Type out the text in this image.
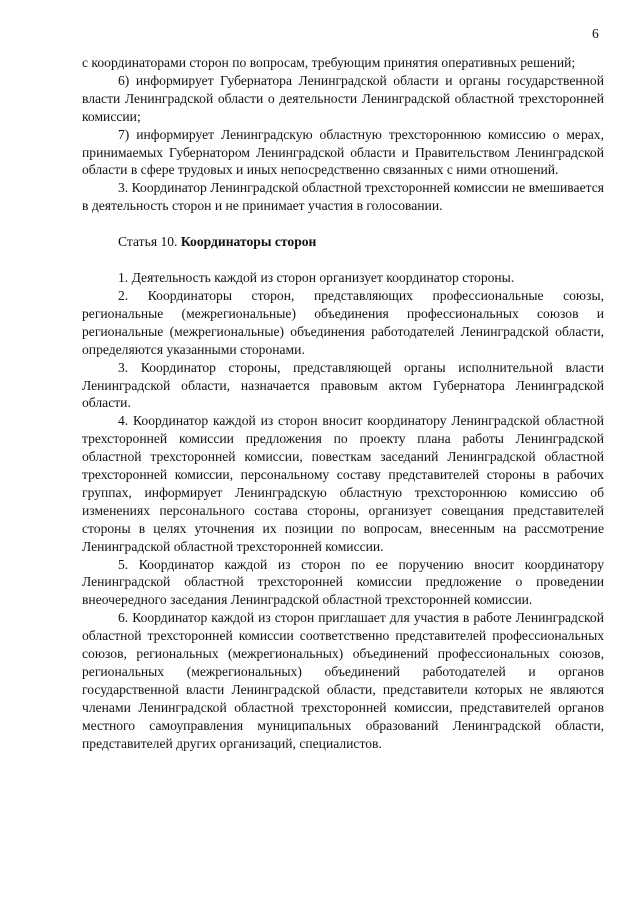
6

с координаторами сторон по вопросам, требующим принятия оперативных решений;

6) информирует Губернатора Ленинградской области и органы государственной власти Ленинградской области о деятельности Ленинградской областной трехсторонней комиссии;

7) информирует Ленинградскую областную трехстороннюю комиссию о мерах, принимаемых Губернатором Ленинградской области и Правительством Ленинградской области в сфере трудовых и иных непосредственно связанных с ними отношений.

3. Координатор Ленинградской областной трехсторонней комиссии не вмешивается в деятельность сторон и не принимает участия в голосовании.

Статья 10. Координаторы сторон

1. Деятельность каждой из сторон организует координатор стороны.

2. Координаторы сторон, представляющих профессиональные союзы, региональные (межрегиональные) объединения профессиональных союзов и региональные (межрегиональные) объединения работодателей Ленинградской области, определяются указанными сторонами.

3. Координатор стороны, представляющей органы исполнительной власти Ленинградской области, назначается правовым актом Губернатора Ленинградской области.

4. Координатор каждой из сторон вносит координатору Ленинградской областной трехсторонней комиссии предложения по проекту плана работы Ленинградской областной трехсторонней комиссии, повесткам заседаний Ленинградской областной трехсторонней комиссии, персональному составу представителей стороны в рабочих группах, информирует Ленинградскую областную трехстороннюю комиссию об изменениях персонального состава стороны, организует совещания представителей стороны в целях уточнения их позиции по вопросам, внесенным на рассмотрение Ленинградской областной трехсторонней комиссии.

5. Координатор каждой из сторон по ее поручению вносит координатору Ленинградской областной трехсторонней комиссии предложение о проведении внеочередного заседания Ленинградской областной трехсторонней комиссии.

6. Координатор каждой из сторон приглашает для участия в работе Ленинградской областной трехсторонней комиссии соответственно представителей профессиональных союзов, региональных (межрегиональных) объединений профессиональных союзов, региональных (межрегиональных) объединений работодателей и органов государственной власти Ленинградской области, представители которых не являются членами Ленинградской областной трехсторонней комиссии, представителей органов местного самоуправления муниципальных образований Ленинградской области, представителей других организаций, специалистов.
